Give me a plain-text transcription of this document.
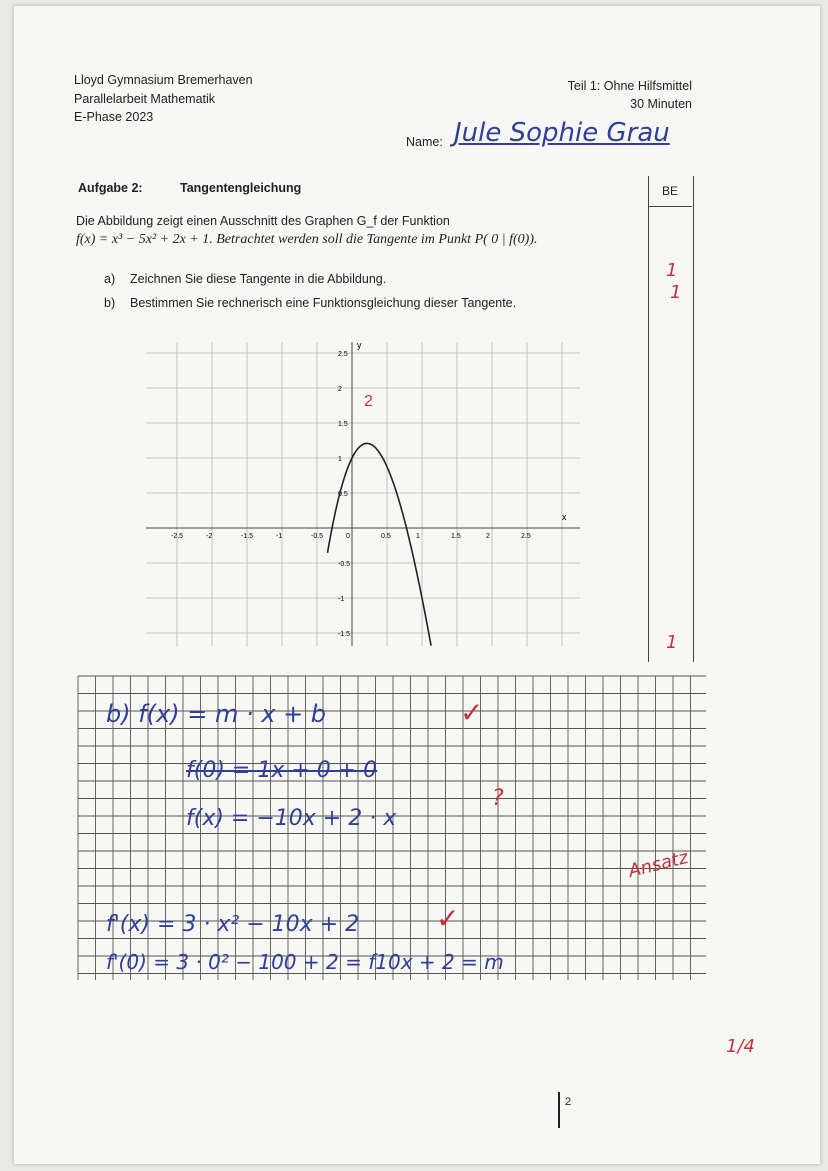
Lloyd Gymnasium Bremerhaven
Parallelarbeit Mathematik
E-Phase 2023
Teil 1: Ohne Hilfsmittel
30 Minuten
Name: Jule Sophie Grau
Aufgabe 2:	Tangentengleichung	BE
1
1
1
Die Abbildung zeigt einen Ausschnitt des Graphen G_f der Funktion
f(x) = x³ − 5x² + 2x + 1. Betrachtet werden soll die Tangente im Punkt P( 0 | f(0)).
a) Zeichnen Sie diese Tangente in die Abbildung.
b) Bestimmen Sie rechnerisch eine Funktionsgleichung dieser Tangente.
x
y
-2.5	-2	-1.5	-1	-0.5	0	0.5	1	1.5	2	2.5
2.5
2
1.5
1
0.5
-0.5
-1
-1.5
2
b) f(x) = m · x + b	✓
f(0) = 1x + 0 + 0
f(x) = −10x + 2 · x
?
Ansatz
f'(x) = 3 · x² − 10x + 2	✓
f'(0) = 3 · 0² − 100 + 2 = f10x + 2 = m
1/4
2
